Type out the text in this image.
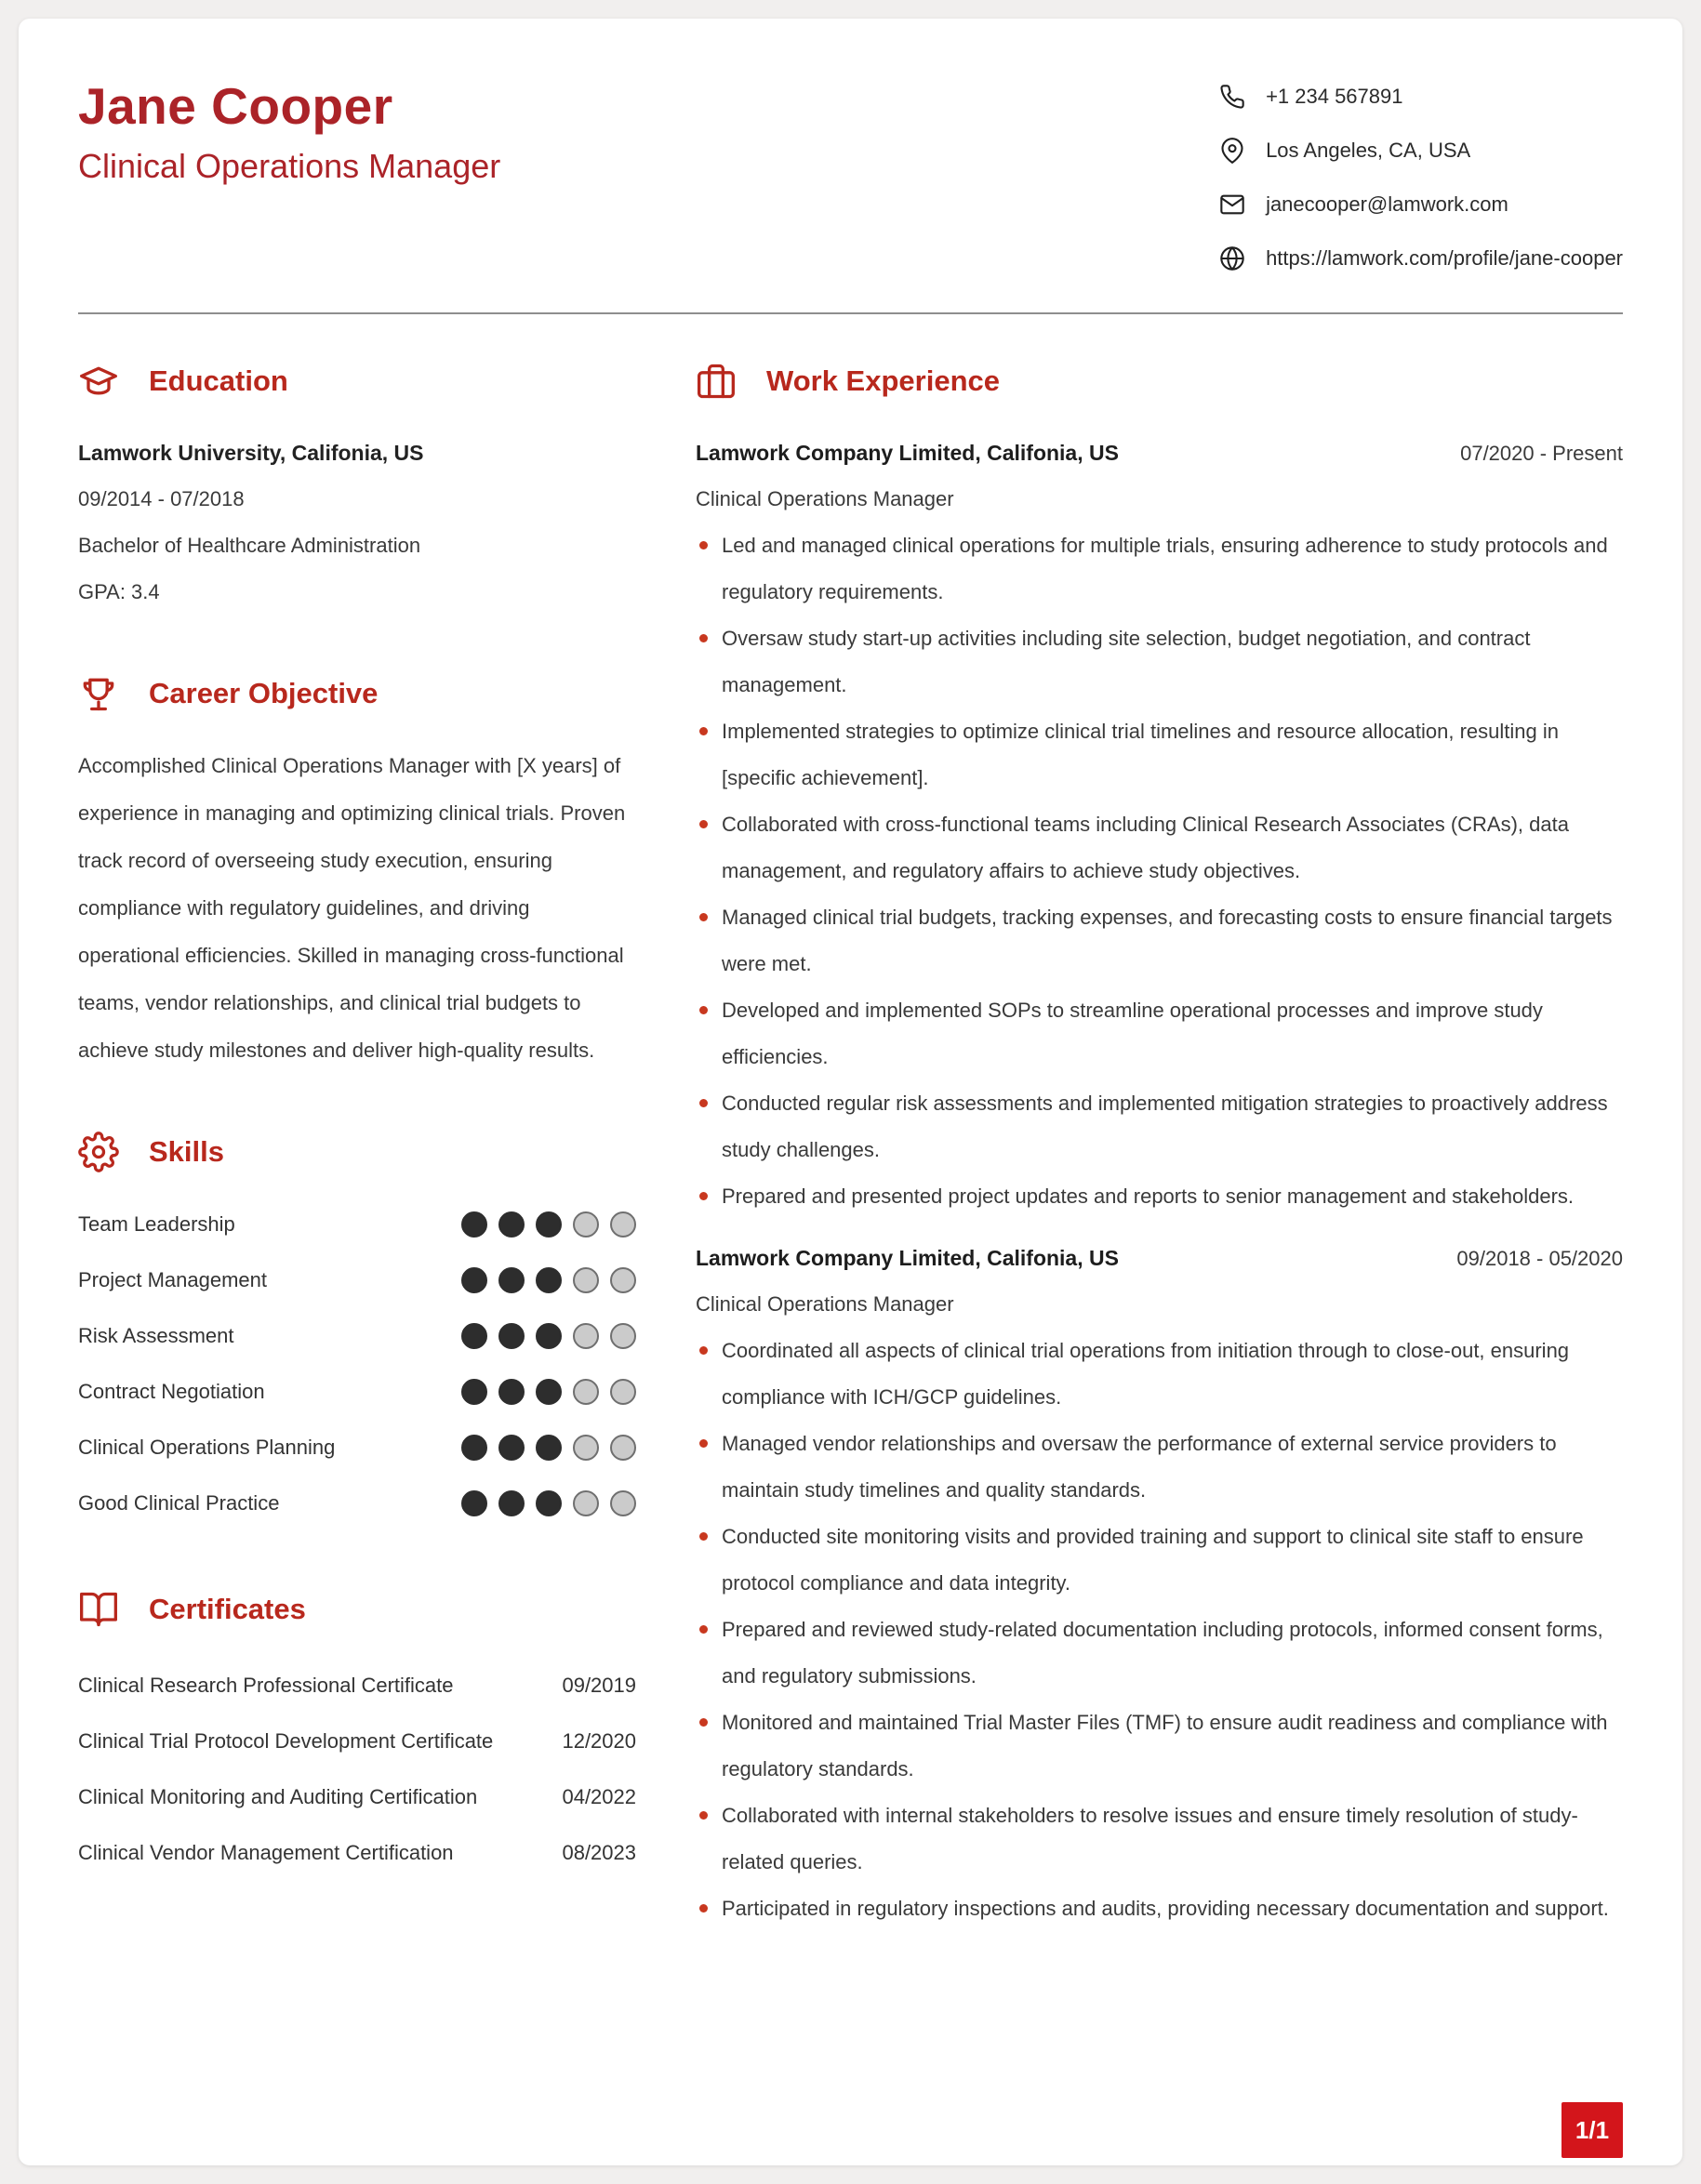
Jane Cooper
Clinical Operations Manager
+1 234 567891
Los Angeles, CA, USA
janecooper@lamwork.com
https://lamwork.com/profile/jane-cooper
Education
Lamwork University, Califonia, US
09/2014 - 07/2018
Bachelor of Healthcare Administration
GPA: 3.4
Career Objective

Accomplished Clinical Operations Manager with [X years] of experience in managing and optimizing clinical trials. Proven track record of overseeing study execution, ensuring compliance with regulatory guidelines, and driving operational efficiencies. Skilled in managing cross-functional teams, vendor relationships, and clinical trial budgets to achieve study milestones and deliver high-quality results.

Skills
Team Leadership
Project Management
Risk Assessment
Contract Negotiation
Clinical Operations Planning
Good Clinical Practice
Certificates
Clinical Research Professional Certificate	09/2019
Clinical Trial Protocol Development Certificate	12/2020
Clinical Monitoring and Auditing Certification	04/2022
Clinical Vendor Management Certification	08/2023
Work Experience
Lamwork Company Limited, Califonia, US	07/2020 - Present
Clinical Operations Manager
Led and managed clinical operations for multiple trials, ensuring adherence to study protocols and regulatory requirements.
Oversaw study start-up activities including site selection, budget negotiation, and contract management.
Implemented strategies to optimize clinical trial timelines and resource allocation, resulting in [specific achievement].
Collaborated with cross-functional teams including Clinical Research Associates (CRAs), data management, and regulatory affairs to achieve study objectives.
Managed clinical trial budgets, tracking expenses, and forecasting costs to ensure financial targets were met.
Developed and implemented SOPs to streamline operational processes and improve study efficiencies.
Conducted regular risk assessments and implemented mitigation strategies to proactively address study challenges.
Prepared and presented project updates and reports to senior management and stakeholders.
Lamwork Company Limited, Califonia, US	09/2018 - 05/2020
Clinical Operations Manager
Coordinated all aspects of clinical trial operations from initiation through to close-out, ensuring compliance with ICH/GCP guidelines.
Managed vendor relationships and oversaw the performance of external service providers to maintain study timelines and quality standards.
Conducted site monitoring visits and provided training and support to clinical site staff to ensure protocol compliance and data integrity.
Prepared and reviewed study-related documentation including protocols, informed consent forms, and regulatory submissions.
Monitored and maintained Trial Master Files (TMF) to ensure audit readiness and compliance with regulatory standards.
Collaborated with internal stakeholders to resolve issues and ensure timely resolution of study-related queries.
Participated in regulatory inspections and audits, providing necessary documentation and support.
1/1
